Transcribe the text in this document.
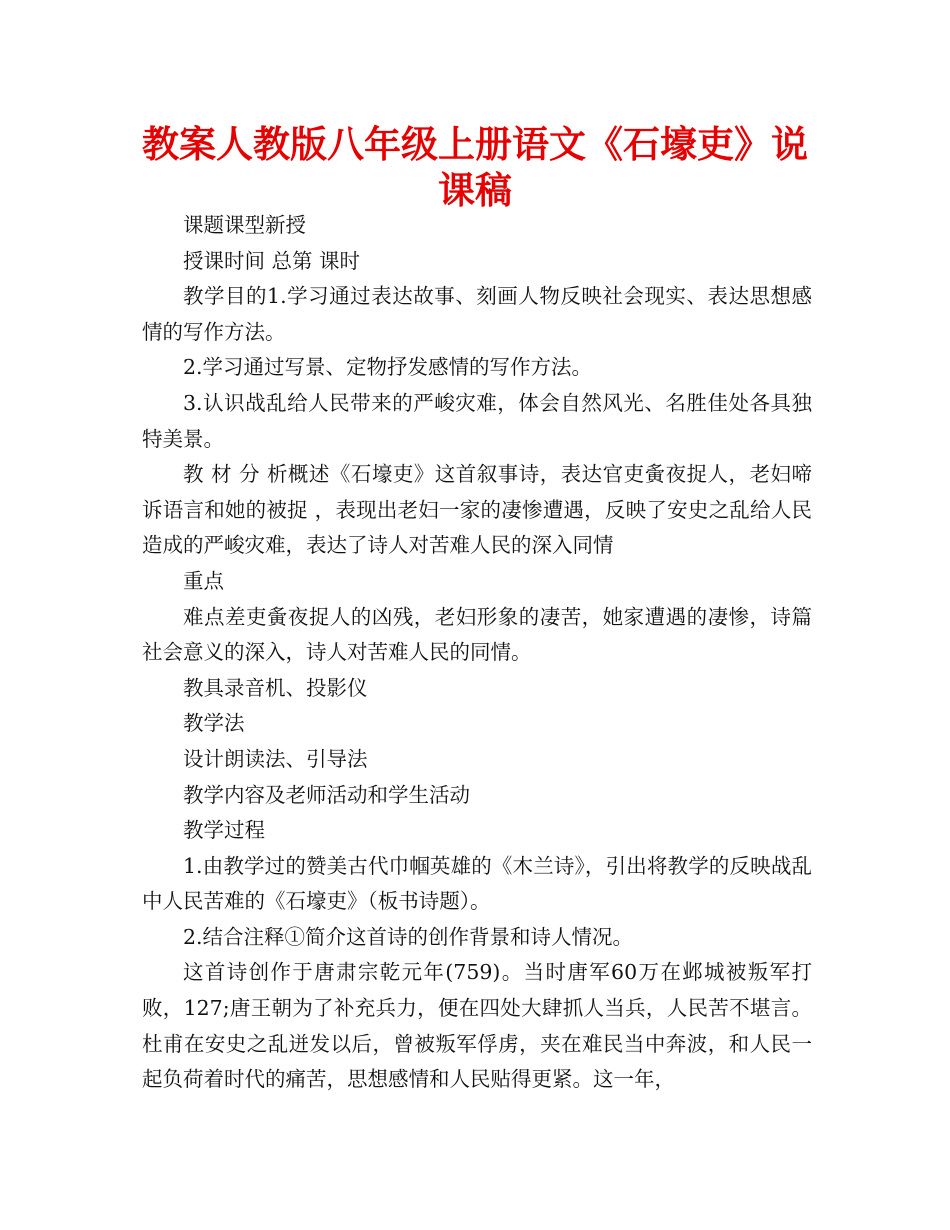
教案人教版八年级上册语文《石壕吏》说课稿

课题课型新授

授课时间 总第 课时

教学目的1.学习通过表达故事、刻画人物反映社会现实、表达思想感情的写作方法。

2.学习通过写景、定物抒发感情的写作方法。

3.认识战乱给人民带来的严峻灾难，体会自然风光、名胜佳处各具独特美景。

教 材 分 析概述《石壕吏》这首叙事诗，表达官吏夤夜捉人，老妇啼诉语言和她的被捉 ，表现出老妇一家的凄惨遭遇，反映了安史之乱给人民造成的严峻灾难，表达了诗人对苦难人民的深入同情

重点

难点差吏夤夜捉人的凶残，老妇形象的凄苦，她家遭遇的凄惨，诗篇社会意义的深入，诗人对苦难人民的同情。

教具录音机、投影仪

教学法

设计朗读法、引导法

教学内容及老师活动和学生活动

教学过程

1.由教学过的赞美古代巾帼英雄的《木兰诗》，引出将教学的反映战乱中人民苦难的《石壕吏》（板书诗题）。

2.结合注释①简介这首诗的创作背景和诗人情况。

这首诗创作于唐肃宗乾元年(759)。当时唐军60万在邺城被叛军打败，127;唐王朝为了补充兵力，便在四处大肆抓人当兵，人民苦不堪言。杜甫在安史之乱迸发以后，曾被叛军俘虏，夹在难民当中奔波，和人民一起负荷着时代的痛苦，思想感情和人民贴得更紧。这一年，
